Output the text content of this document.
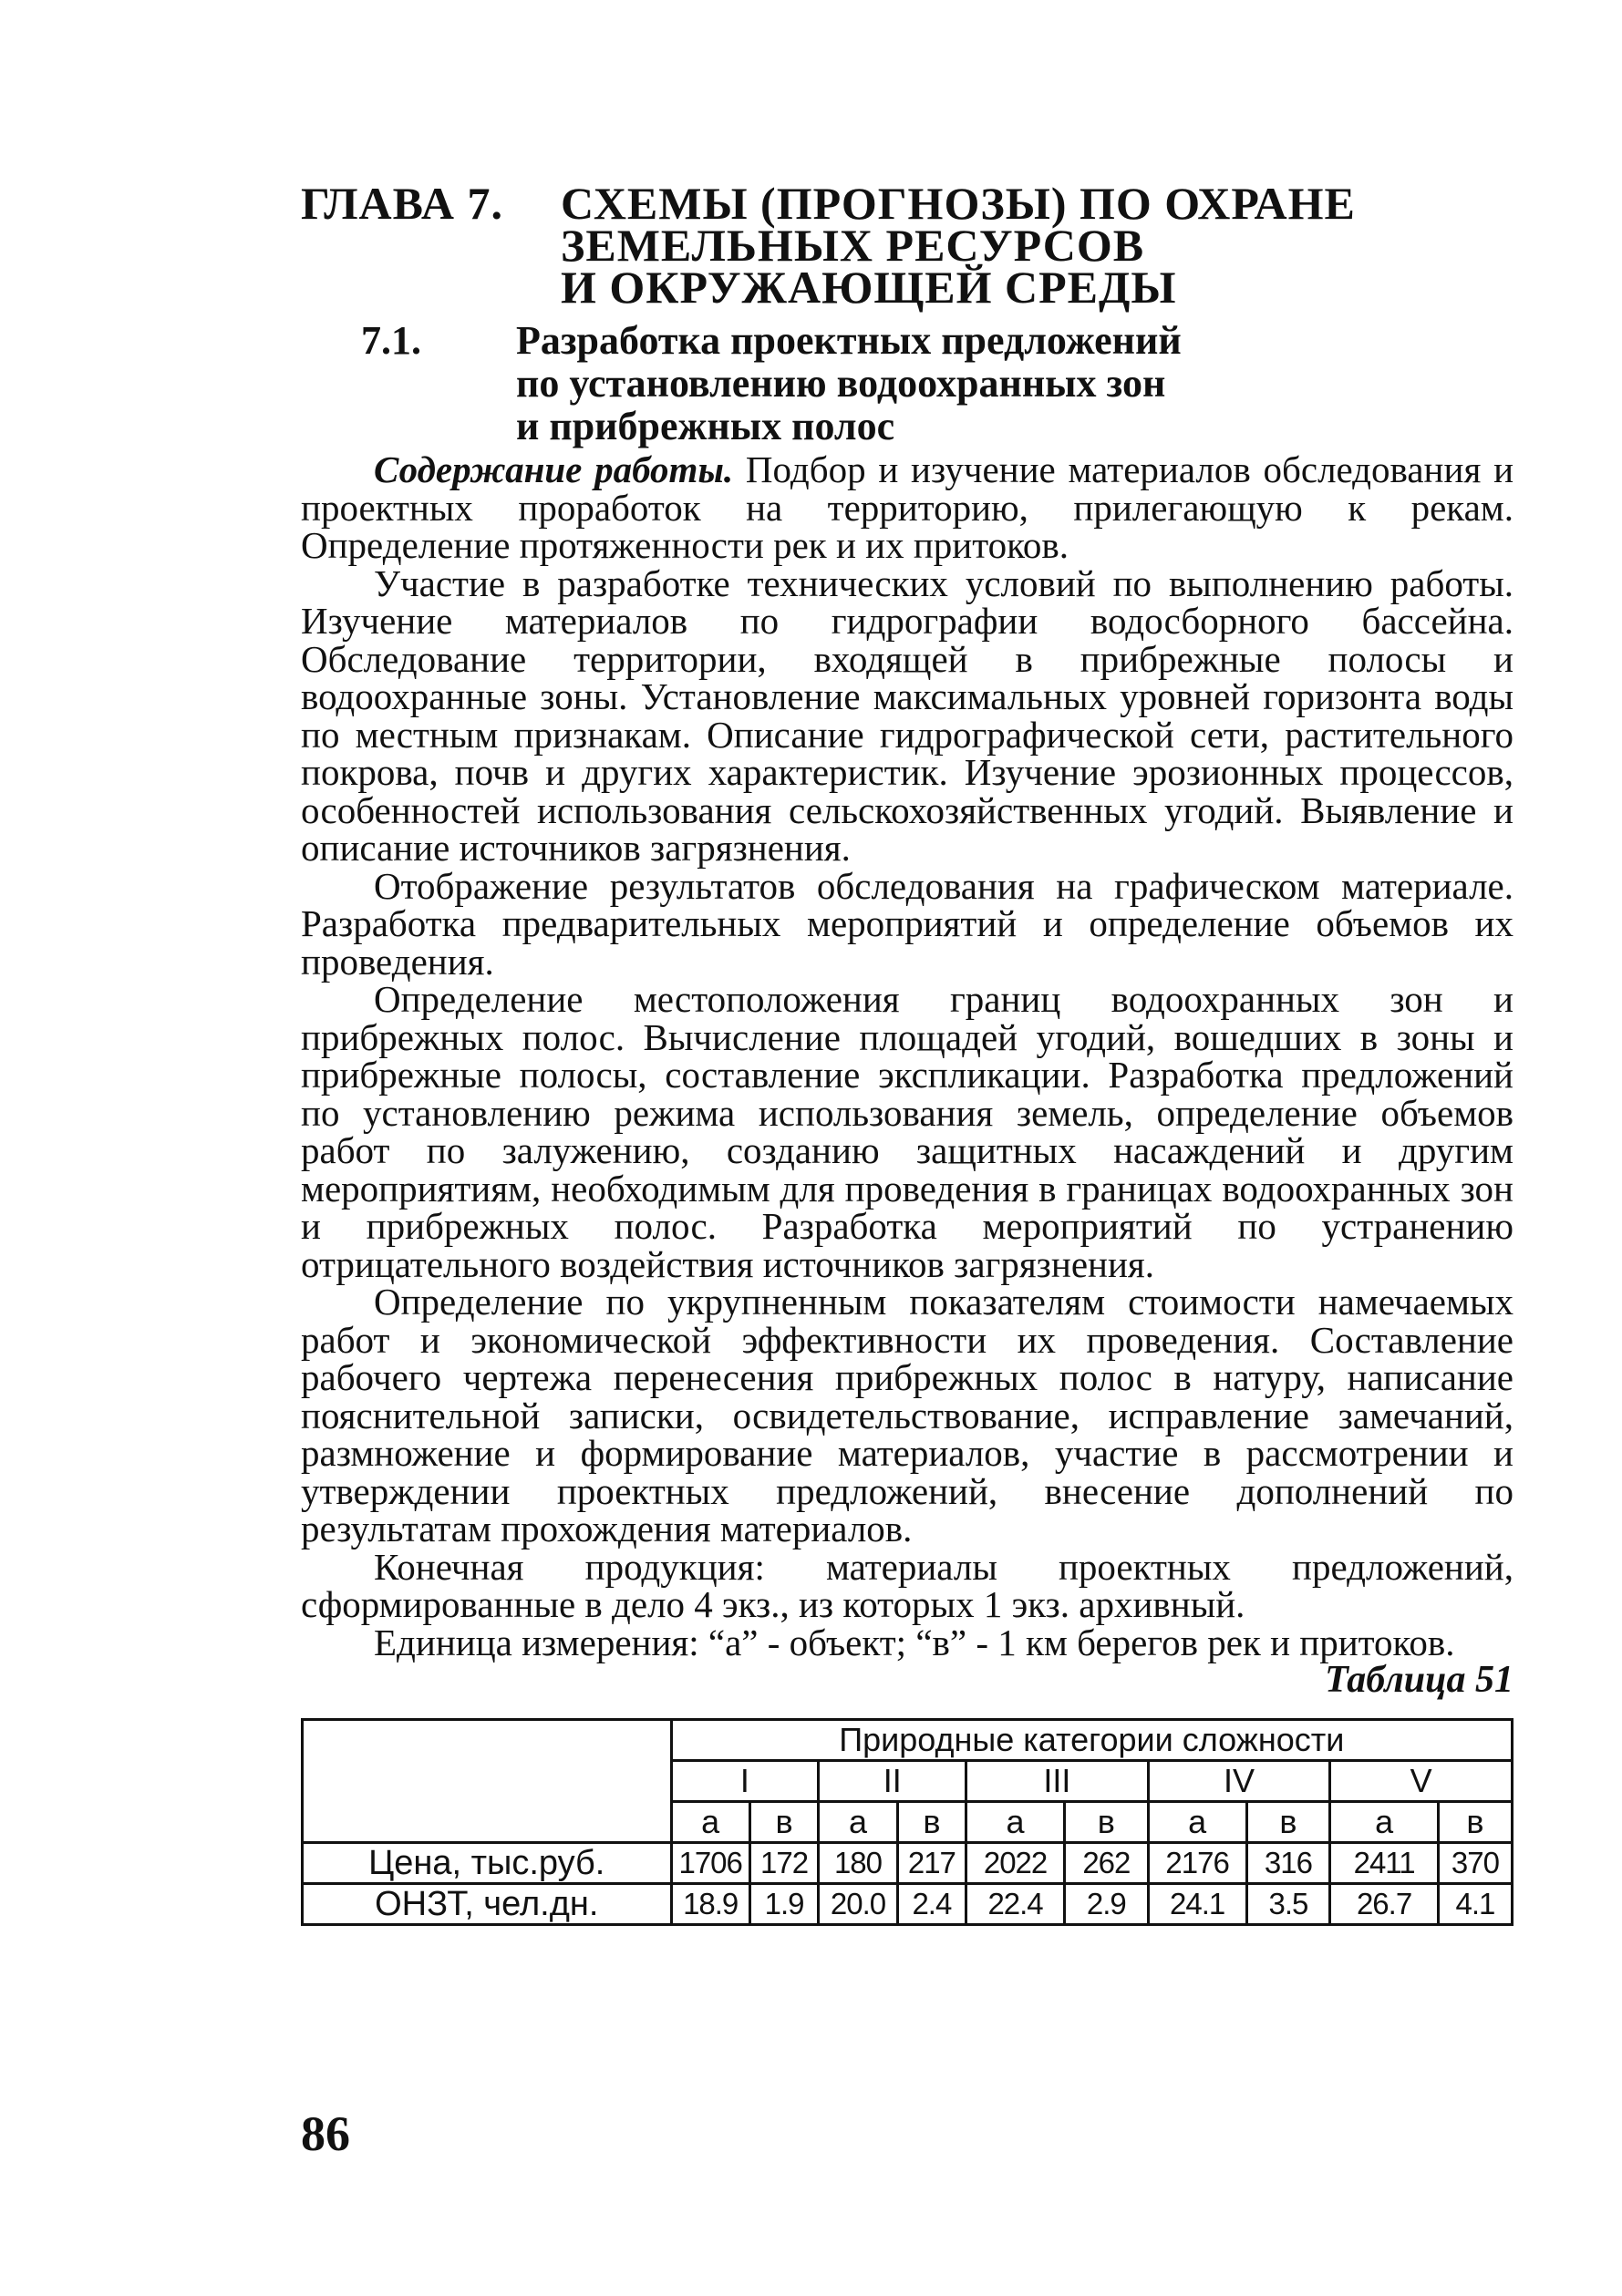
ГЛАВА 7.	СХЕМЫ (ПРОГНОЗЫ) ПО ОХРАНЕ
ЗЕМЕЛЬНЫХ РЕСУРСОВ
И ОКРУЖАЮЩЕЙ СРЕДЫ
7.1.	Разработка проектных предложений
по установлению водоохранных зон
и прибрежных полос

Содержание работы. Подбор и изучение материалов обследования и проектных проработок на территорию, прилегающую к рекам. Определение протяженности рек и их притоков.

Участие в разработке технических условий по выполнению работы. Изучение материалов по гидрографии водосборного бассейна. Обследование территории, входящей в прибрежные полосы и водоохранные зоны. Установление максимальных уровней горизонта воды по местным признакам. Описание гидрографической сети, растительного покрова, почв и других характеристик. Изучение эрозионных процессов, особенностей использования сельскохозяйственных угодий. Выявление и описание источников загрязнения.

Отображение результатов обследования на графическом материале. Разработка предварительных мероприятий и определение объемов их проведения.

Определение местоположения границ водоохранных зон и прибрежных полос. Вычисление площадей угодий, вошедших в зоны и прибрежные полосы, составление экспликации. Разработка предложений по установлению режима использования земель, определение объемов работ по залужению, созданию защитных насаждений и другим мероприятиям, необходимым для проведения в границах водоохранных зон и прибрежных полос. Разработка мероприятий по устранению отрицательного воздействия источников загрязнения.

Определение по укрупненным показателям стоимости намечаемых работ и экономической эффективности их проведения. Составление рабочего чертежа перенесения прибрежных полос в натуру, написание пояснительной записки, освидетельствование, исправление замечаний, размножение и формирование материалов, участие в рассмотрении и утверждении проектных предложений, внесение дополнений по результатам прохождения материалов.

Конечная продукция: материалы проектных предложений, сформированные в дело 4 экз., из которых 1 экз. архивный.

Единица измерения: “а” - объект; “в” - 1 км берегов рек и притоков.

Таблица 51
	Природные категории сложности									
	I		II		III		IV		V	
	а	в	а	в	а	в	а	в	а	в
Цена, тыс.руб.	1706	172	180	217	2022	262	2176	316	2411	370
ОНЗТ, чел.дн.	18.9	1.9	20.0	2.4	22.4	2.9	24.1	3.5	26.7	4.1
86
